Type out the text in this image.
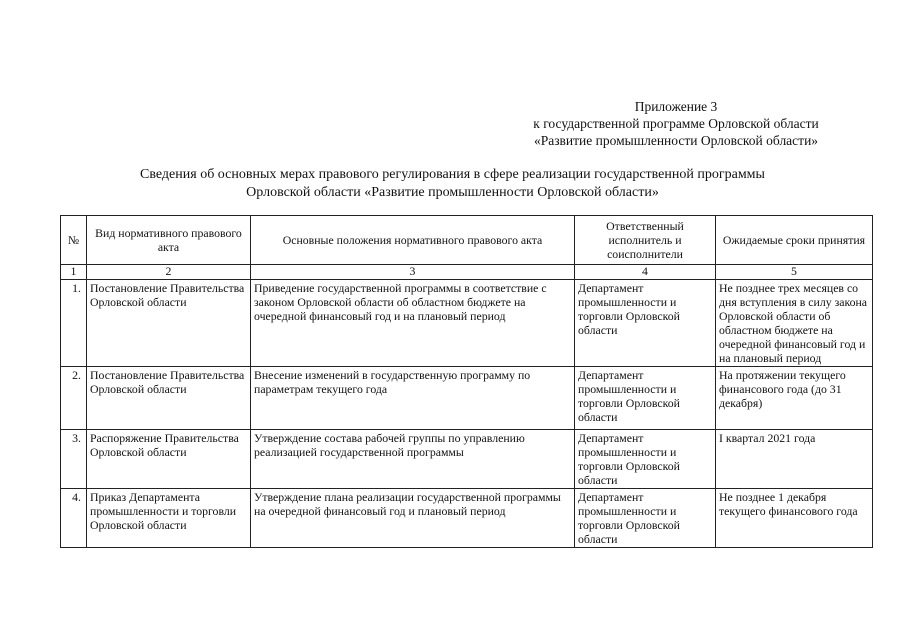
Приложение 3
к государственной программе Орловской области
«Развитие промышленности Орловской области»
Сведения об основных мерах правового регулирования в сфере реализации государственной программы
Орловской области «Развитие промышленности Орловской области»
№	Вид нормативного правового акта	Основные положения нормативного правового акта	Ответственный исполнитель и соисполнители	Ожидаемые сроки принятия
1	2	3	4	5
1.	Постановление Правительства Орловской области	Приведение государственной программы в соответствие с законом Орловской области об областном бюджете на очередной финансовый год и на плановый период	Департамент промышленности и торговли Орловской области	Не позднее трех месяцев со дня вступления в силу закона Орловской области об областном бюджете на очередной финансовый год и на плановый период
2.	Постановление Правительства Орловской области	Внесение изменений в государственную программу по параметрам текущего года	Департамент промышленности и торговли Орловской области	На протяжении текущего финансового года (до 31 декабря)
3.	Распоряжение Правительства Орловской области	Утверждение состава рабочей группы по управлению реализацией государственной программы	Департамент промышленности и торговли Орловской области	I квартал 2021 года
4.	Приказ Департамента промышленности и торговли Орловской области	Утверждение плана реализации государственной программы на очередной финансовый год и плановый период	Департамент промышленности и торговли Орловской области	Не позднее 1 декабря текущего финансового года
